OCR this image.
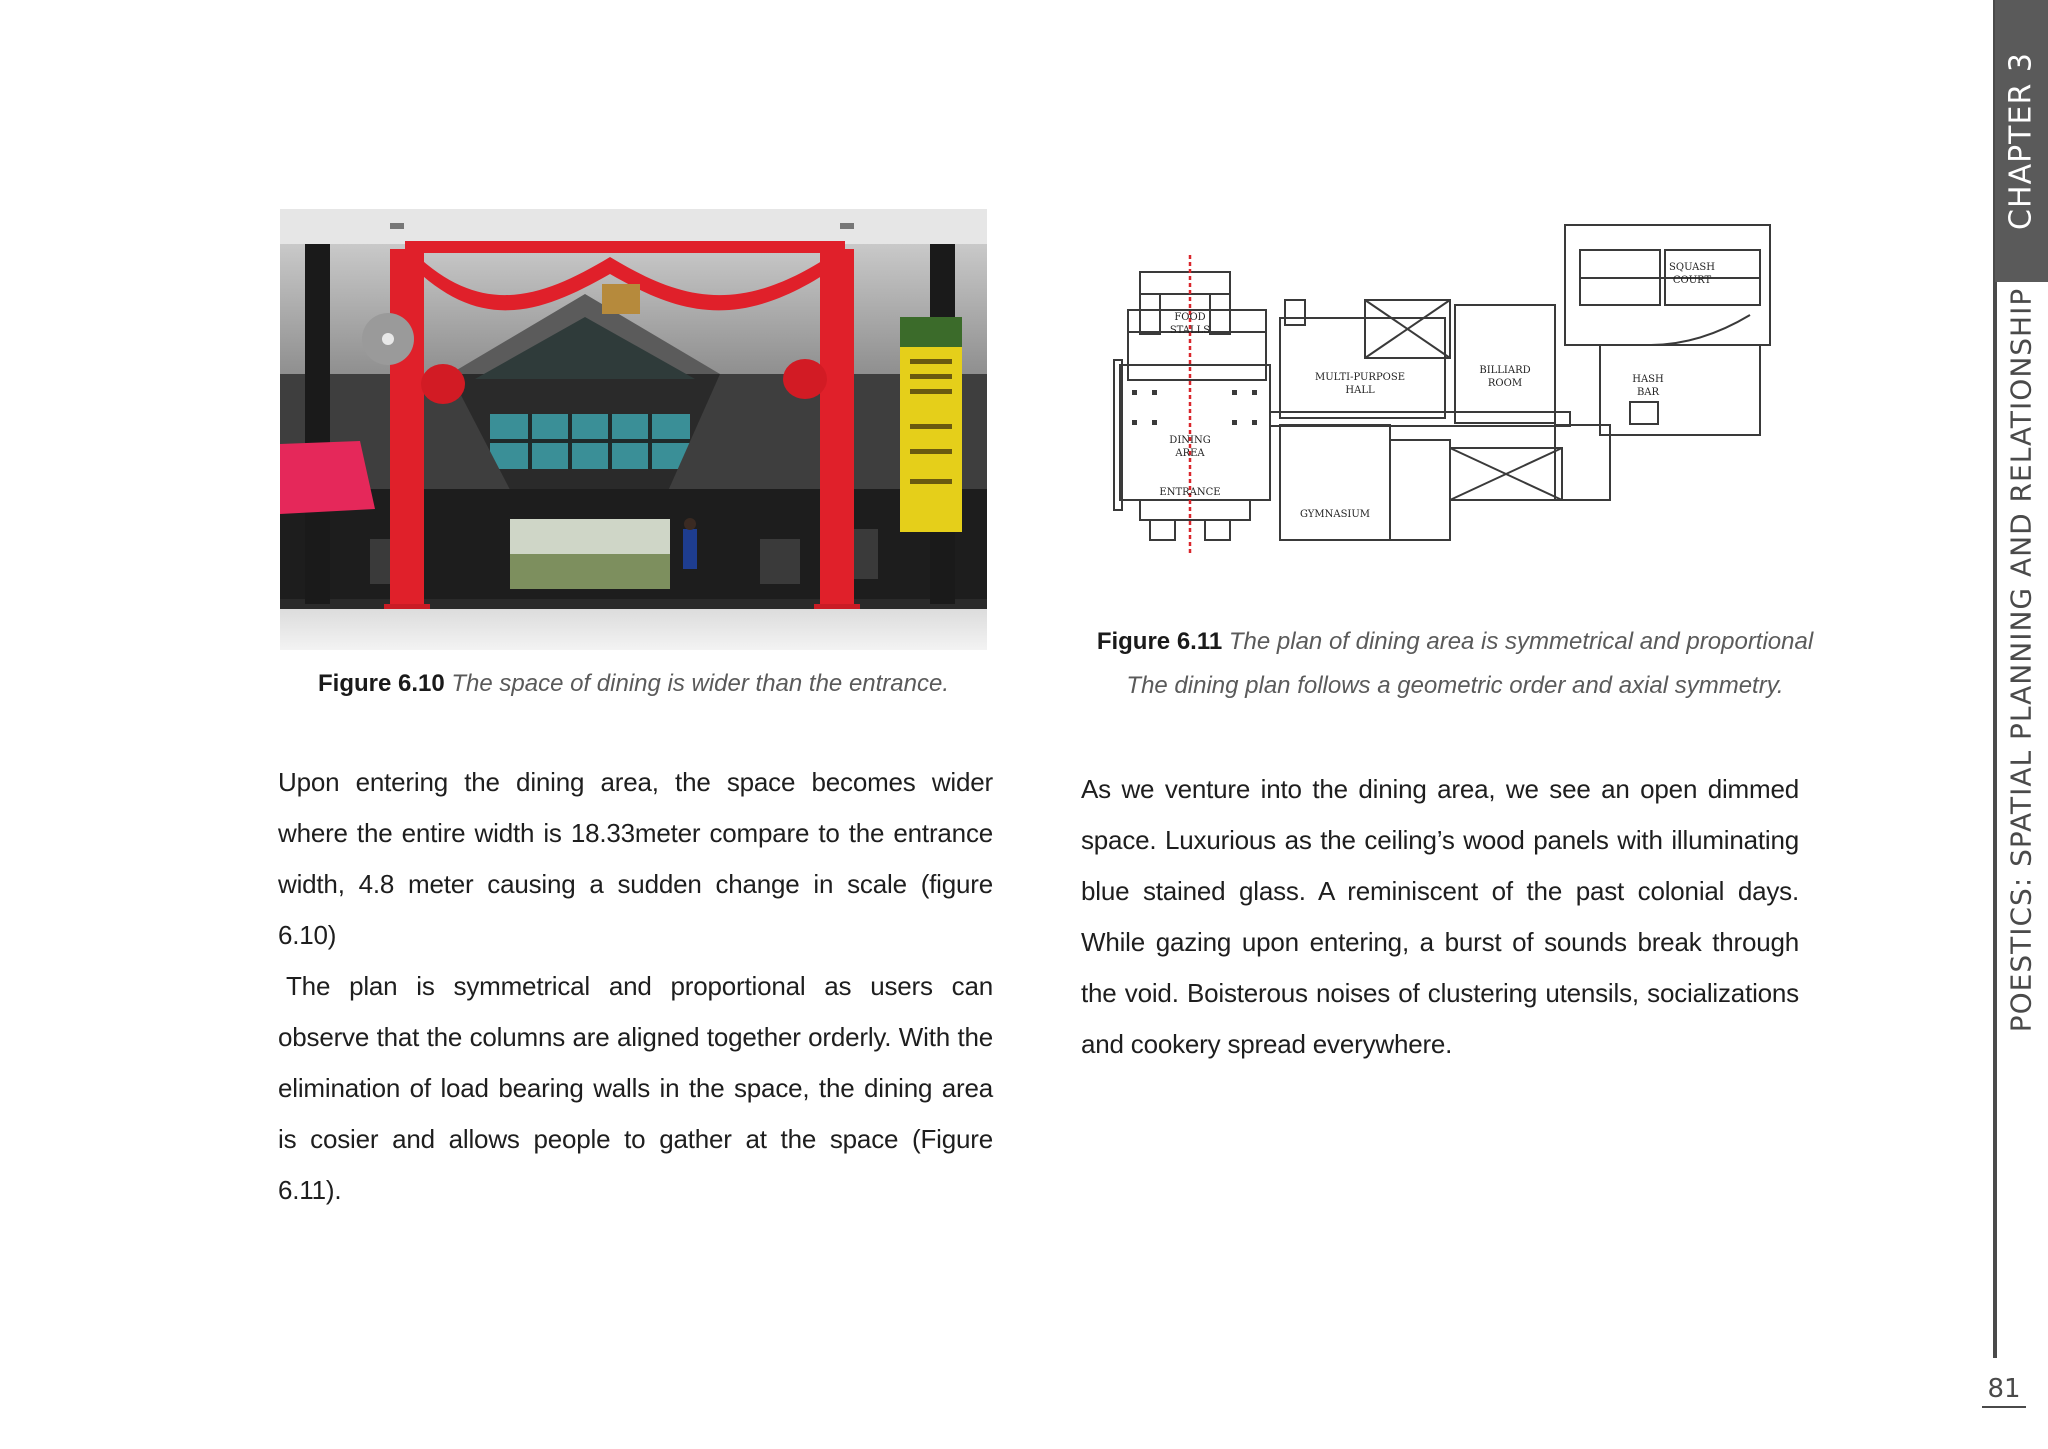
Figure 6.10 The space of dining is wider than the entrance.
FOOD
STALLS
DINING
AREA
ENTRANCE
MULTI-PURPOSE
HALL
BILLIARD
ROOM
GYMNASIUM
SQUASH
COURT
HASH
BAR
Figure 6.11 The plan of dining area is symmetrical and proportional
The dining plan follows a geometric order and axial symmetry.
Upon entering the dining area, the space becomes wider where the entire width is 18.33meter compare to the entrance width, 4.8 meter causing a sudden change in scale (figure 6.10)
The plan is symmetrical and proportional as users can observe that the columns are aligned together orderly. With the elimination of load bearing walls in the space, the dining area is cosier and allows people to gather at the space (Figure 6.11).
As we venture into the dining area, we see an open dimmed space. Luxurious as the ceiling’s wood panels with illuminating blue stained glass. A reminiscent of the past colonial days. While gazing upon entering, a burst of sounds break through the void. Boisterous noises of clustering utensils, socializations and cookery spread everywhere.
CHAPTER 3
POESTICS: SPATIAL PLANNING AND RELATIONSHIP
81
